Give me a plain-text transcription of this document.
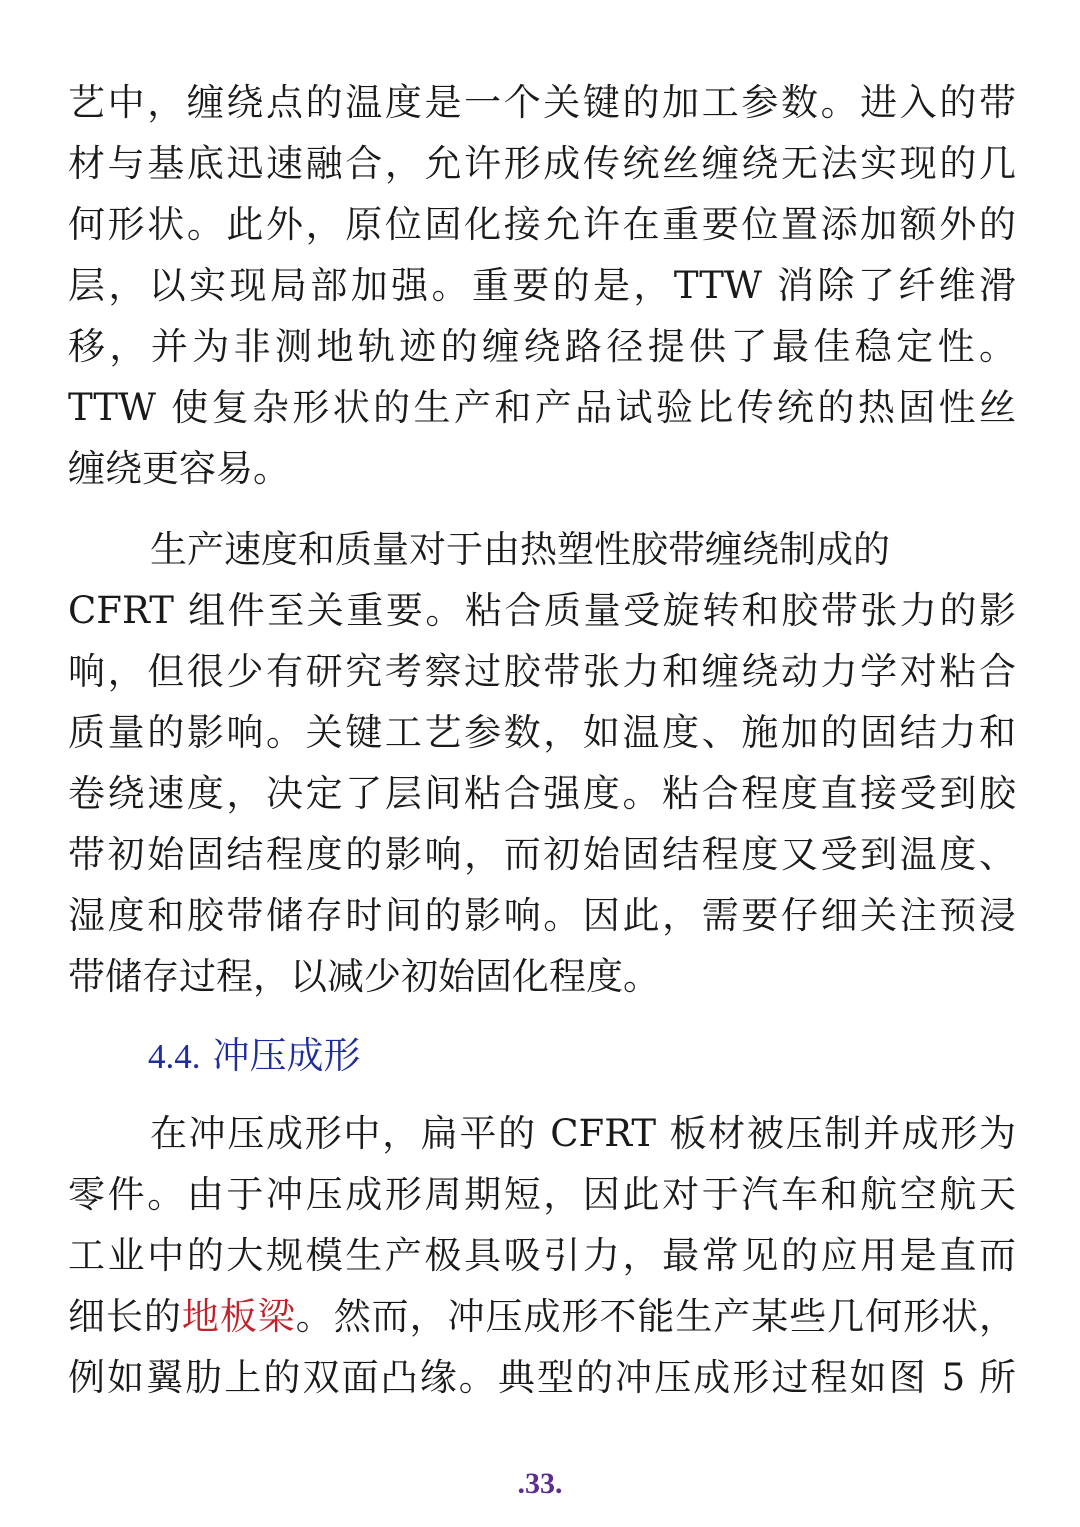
艺中，缠绕点的温度是一个关键的加工参数。进入的带
材与基底迅速融合，允许形成传统丝缠绕无法实现的几
何形状。此外，原位固化接允许在重要位置添加额外的
层，以实现局部加强。重要的是，TTW 消除了纤维滑
移，并为非测地轨迹的缠绕路径提供了最佳稳定性。
TTW 使复杂形状的生产和产品试验比传统的热固性丝
缠绕更容易。
生产速度和质量对于由热塑性胶带缠绕制成的
CFRT 组件至关重要。粘合质量受旋转和胶带张力的影
响，但很少有研究考察过胶带张力和缠绕动力学对粘合
质量的影响。关键工艺参数，如温度、施加的固结力和
卷绕速度，决定了层间粘合强度。粘合程度直接受到胶
带初始固结程度的影响，而初始固结程度又受到温度、
湿度和胶带储存时间的影响。因此，需要仔细关注预浸
带储存过程，以减少初始固化程度。
4.4. 冲压成形
在冲压成形中，扁平的 CFRT 板材被压制并成形为
零件。由于冲压成形周期短，因此对于汽车和航空航天
工业中的大规模生产极具吸引力，最常见的应用是直而
细长的地板梁。然而，冲压成形不能生产某些几何形状，
例如翼肋上的双面凸缘。典型的冲压成形过程如图 5 所
.33.
